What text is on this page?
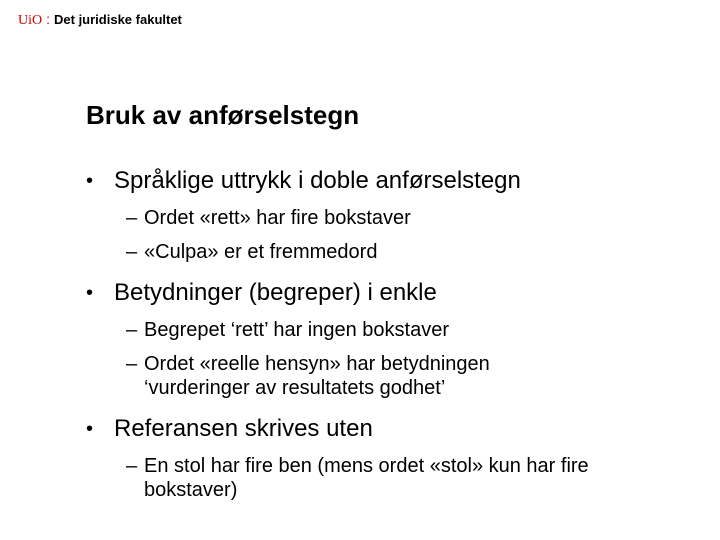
UiO : Det juridiske fakultet
Bruk av anførselstegn
• Språklige uttrykk i doble anførselstegn
– Ordet «rett» har fire bokstaver
– «Culpa» er et fremmedord
• Betydninger (begreper) i enkle
– Begrepet ‘rett’ har ingen bokstaver
– Ordet «reelle hensyn» har betydningen
‘vurderinger av resultatets godhet’
• Referansen skrives uten
– En stol har fire ben (mens ordet «stol» kun har fire
bokstaver)
